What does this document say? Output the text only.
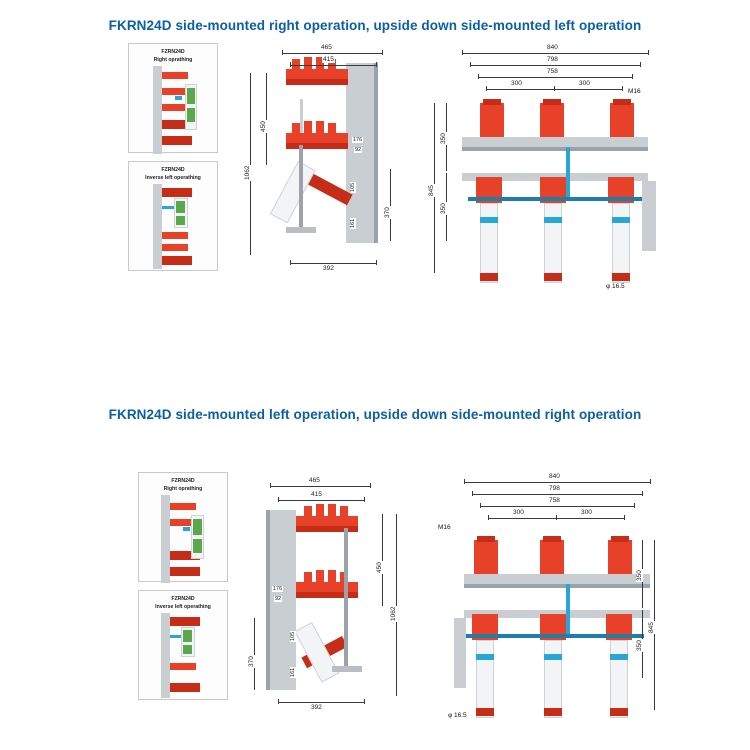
FKRN24D side-mounted right operation, upside down side-mounted left operation
FZRN24D
Right oprathing
FZRN24D
Inverse left operathing
465
415
392
450
1062
370
176
92
105
161
840
798
758
300	300
M16
350
350
845
φ 16.5
FKRN24D side-mounted left operation, upside down side-mounted right operation
FZRN24D
Right oprathing
FZRN24D
Inverse left operathing
465
415
392
450
1062
370
176
92
105
161
840
798
758
300	300
M16
350
350
845
φ 16.5
